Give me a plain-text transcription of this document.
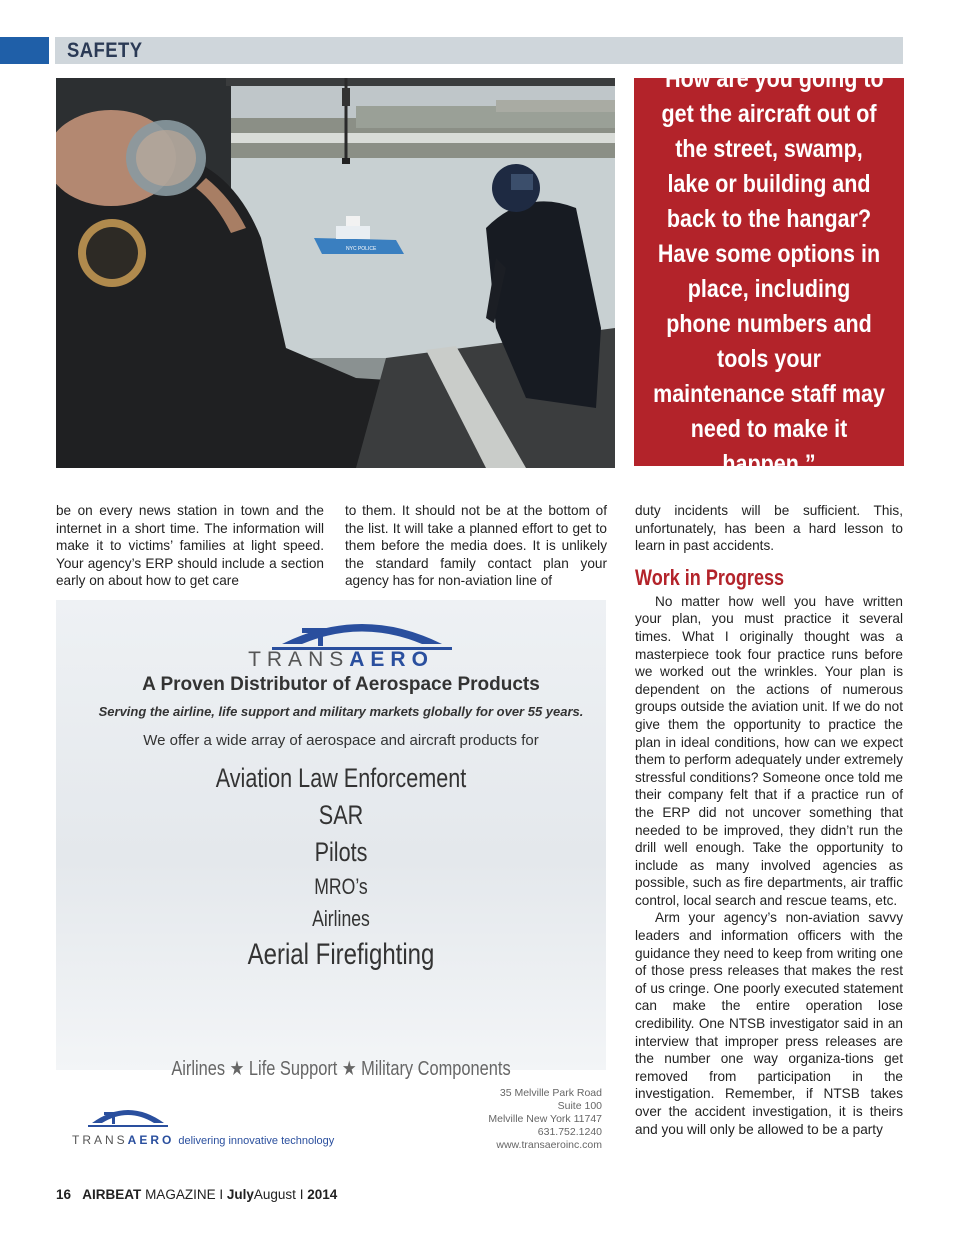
SAFETY
NYC POLICE
“How are you going to get the aircraft out of the street, swamp, lake or building and back to the hangar? Have some options in place, including phone numbers and tools your maintenance staff may need to make it happen.”

be on every news station in town and the internet in a short time. The information will make it to victims’ families at light speed. Your agency’s ERP should include a section early on about how to get care

to them. It should not be at the bottom of the list. It will take a planned effort to get to them before the media does. It is unlikely the standard family contact plan your agency has for non-aviation line of

duty incidents will be sufficient. This, unfortunately, has been a hard lesson to learn in past accidents.

Work in Progress

No matter how well you have written your plan, you must practice it several times. What I originally thought was a masterpiece took four practice runs before we worked out the wrinkles. Your plan is dependent on the actions of numerous groups outside the aviation unit. If we do not give them the opportunity to practice the plan in ideal conditions, how can we expect them to perform adequately under extremely stressful conditions? Someone once told me their company felt that if a practice run of the ERP did not uncover something that needed to be improved, they didn’t run the drill well enough. Take the opportunity to include as many involved agencies as possible, such as fire departments, air traffic control, local search and rescue teams, etc.

Arm your agency’s non-aviation savvy leaders and information officers with the guidance they need to keep from writing one of those press releases that makes the rest of us cringe. One poorly executed statement can make the entire operation lose credibility. One NTSB investigator said in an interview that improper press releases are the number one way organiza-tions get removed from participation in the investigation. Remember, if NTSB takes over the accident investigation, it is theirs and you will only be allowed to be a party

TRANSAERO
A Proven Distributor of Aerospace Products
Serving the airline, life support and military markets globally for over 55 years.
We offer a wide array of aerospace and aircraft products for
Aviation Law Enforcement
SAR
Pilots
MRO’s
Airlines
Aerial Firefighting
Airlines ★ Life Support ★ Military Components
35 Melville Park Road
Suite 100
Melville New York 11747
631.752.1240
www.transaeroinc.com
TRANSAERO delivering innovative technology
16 AIRBEAT MAGAZINE I JulyAugust I 2014
